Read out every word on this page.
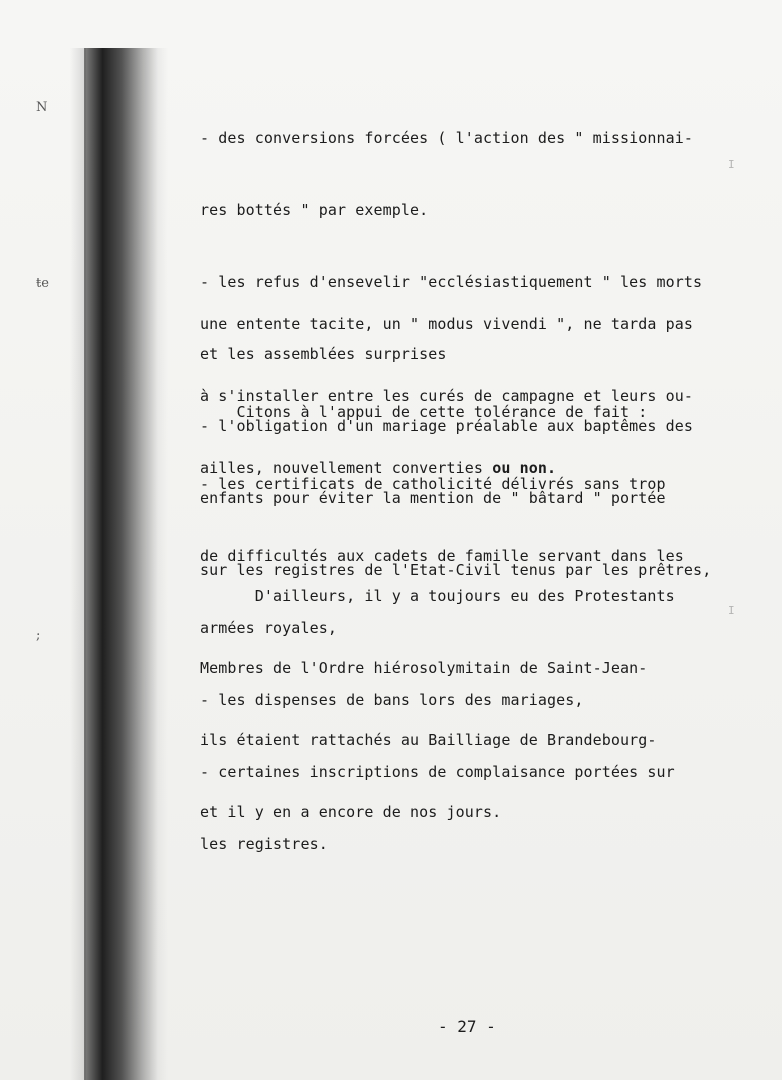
N
ŧe
;
I
I

- des conversions forcées ( l'action des " missionnai-

res bottés " par exemple.

- les refus d'ensevelir "ecclésiastiquement " les morts

et les assemblées surprises

- l'obligation d'un mariage préalable aux baptêmes des

enfants pour éviter la mention de " bâtard " portée

sur les registres de l'Etat-Civil tenus par les prêtres,

une entente tacite, un " modus vivendi ", ne tarda pas

à s'installer entre les curés de campagne et leurs ou-

ailles, nouvellement converties ou non.

Citons à l'appui de cette tolérance de fait :

- les certificats de catholicité délivrés sans trop

de difficultés aux cadets de famille servant dans les

armées royales,

- les dispenses de bans lors des mariages,

- certaines inscriptions de complaisance portées sur

les registres.

D'ailleurs, il y a toujours eu des Protestants

Membres de l'Ordre hiérosolymitain de Saint-Jean-

ils étaient rattachés au Bailliage de Brandebourg-

et il y en a encore de nos jours.

- 27 -
